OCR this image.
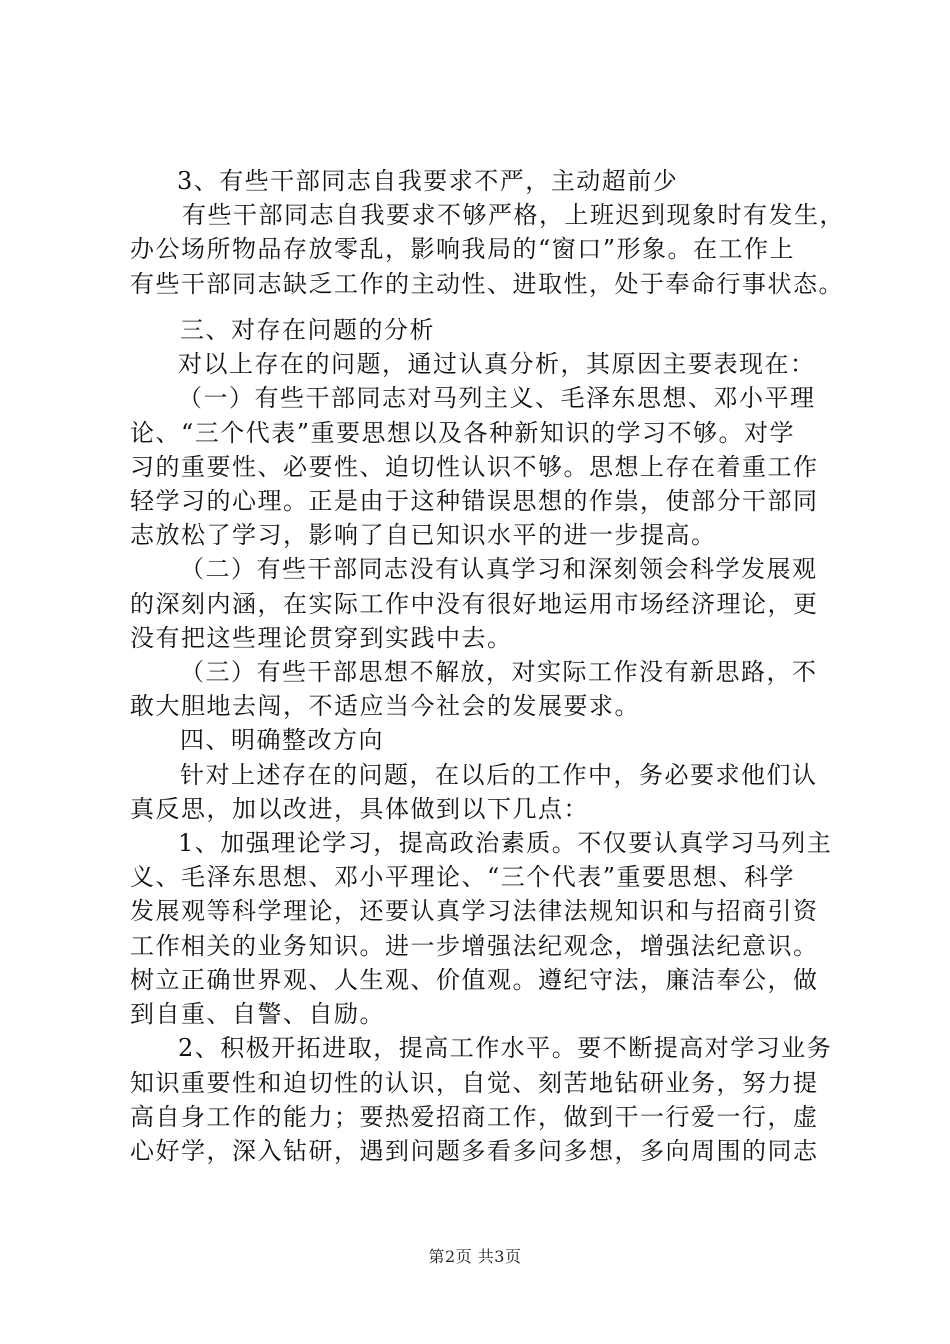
3、有些干部同志自我要求不严，主动超前少
有些干部同志自我要求不够严格，上班迟到现象时有发生，
办公场所物品存放零乱，影响我局的“窗口”形象。在工作上
有些干部同志缺乏工作的主动性、进取性，处于奉命行事状态。
三、对存在问题的分析
对以上存在的问题，通过认真分析，其原因主要表现在：
（一）有些干部同志对马列主义、毛泽东思想、邓小平理
论、“三个代表”重要思想以及各种新知识的学习不够。对学
习的重要性、必要性、迫切性认识不够。思想上存在着重工作
轻学习的心理。正是由于这种错误思想的作祟，使部分干部同
志放松了学习，影响了自已知识水平的进一步提高。
（二）有些干部同志没有认真学习和深刻领会科学发展观
的深刻内涵，在实际工作中没有很好地运用市场经济理论，更
没有把这些理论贯穿到实践中去。
（三）有些干部思想不解放，对实际工作没有新思路，不
敢大胆地去闯，不适应当今社会的发展要求。
四、明确整改方向
针对上述存在的问题，在以后的工作中，务必要求他们认
真反思，加以改进，具体做到以下几点：
1、加强理论学习，提高政治素质。不仅要认真学习马列主
义、毛泽东思想、邓小平理论、“三个代表”重要思想、科学
发展观等科学理论，还要认真学习法律法规知识和与招商引资
工作相关的业务知识。进一步增强法纪观念，增强法纪意识。
树立正确世界观、人生观、价值观。遵纪守法，廉洁奉公，做
到自重、自警、自励。
2、积极开拓进取，提高工作水平。要不断提高对学习业务
知识重要性和迫切性的认识，自觉、刻苦地钻研业务，努力提
高自身工作的能力；要热爱招商工作，做到干一行爱一行，虚
心好学，深入钻研，遇到问题多看多问多想，多向周围的同志
第2页 共3页
